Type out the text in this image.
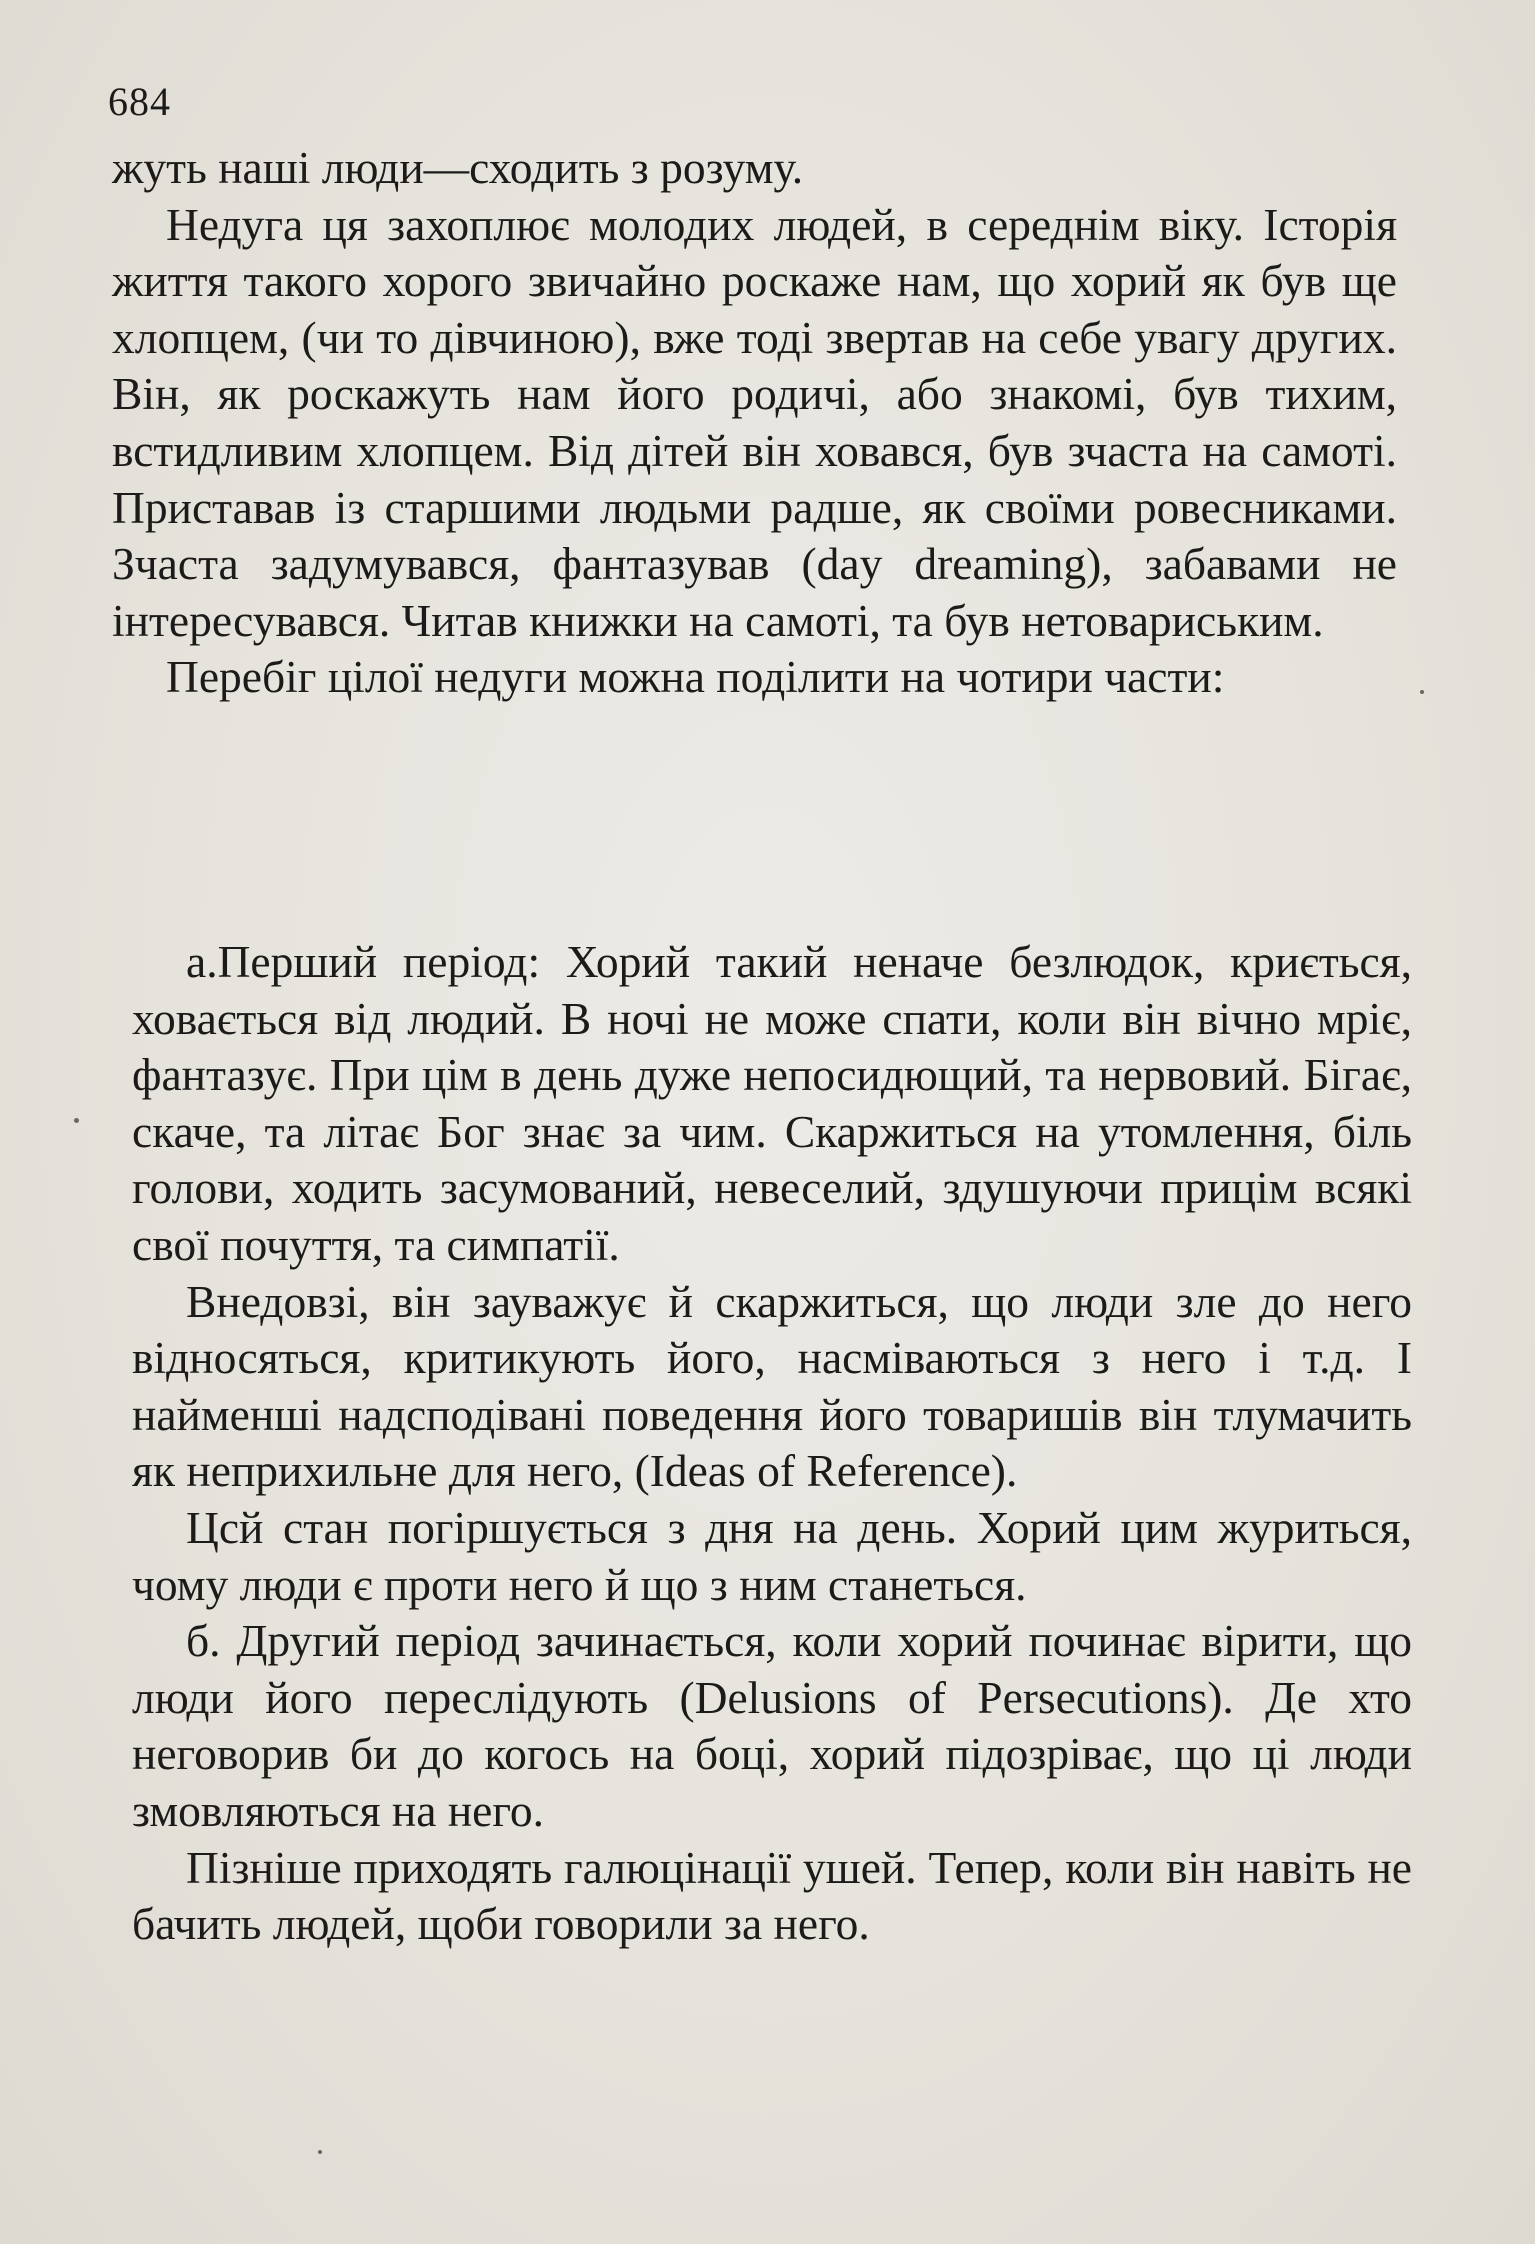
684

жуть наші люди—сходить з розуму.

Недуга ця захоплює молодих людей, в середнім віку. Історія життя такого хорого звичайно роскаже нам, що хорий як був ще хлопцем, (чи то дівчиною), вже тоді звертав на себе увагу других. Він, як роскажуть нам його родичі, або знакомі, був тихим, встидливим хлопцем. Від дітей він ховався, був зчаста на самоті. Приставав із старшими людьми радше, як своїми ровесниками. Зчаста задумувався, фантазував (day dreaming), забавами не інтересувався. Читав книжки на самоті, та був нетовариським.

Перебіг цілої недуги можна поділити на чотири части:

а.Перший період: Хорий такий неначе безлюдок, криється, ховається від людий. В ночі не може спати, коли він вічно мріє, фантазує. При цім в день дуже непосидющий, та нервовий. Бігає, скаче, та літає Бог знає за чим. Скаржиться на утомлення, біль голови, ходить засумований, невеселий, здушуючи прицім всякі свої почуття, та симпатії.

Внедовзі, він зауважує й скаржиться, що люди зле до него відносяться, критикують його, насміваються з него і т.д. І найменші надсподівані поведення його товаришів він тлумачить як неприхильне для него, (Ideas of Reference).

Цсй стан погіршується з дня на день. Хорий цим журиться, чому люди є проти него й що з ним станеться.

б. Другий період зачинається, коли хорий починає вірити, що люди його переслідують (Delusions of Persecutions). Де хто неговорив би до когось на боці, хорий підозріває, що ці люди змовляються на него.

Пізніше приходять галюцінації ушей. Тепер, коли він навіть не бачить людей, щоби говорили за него.
